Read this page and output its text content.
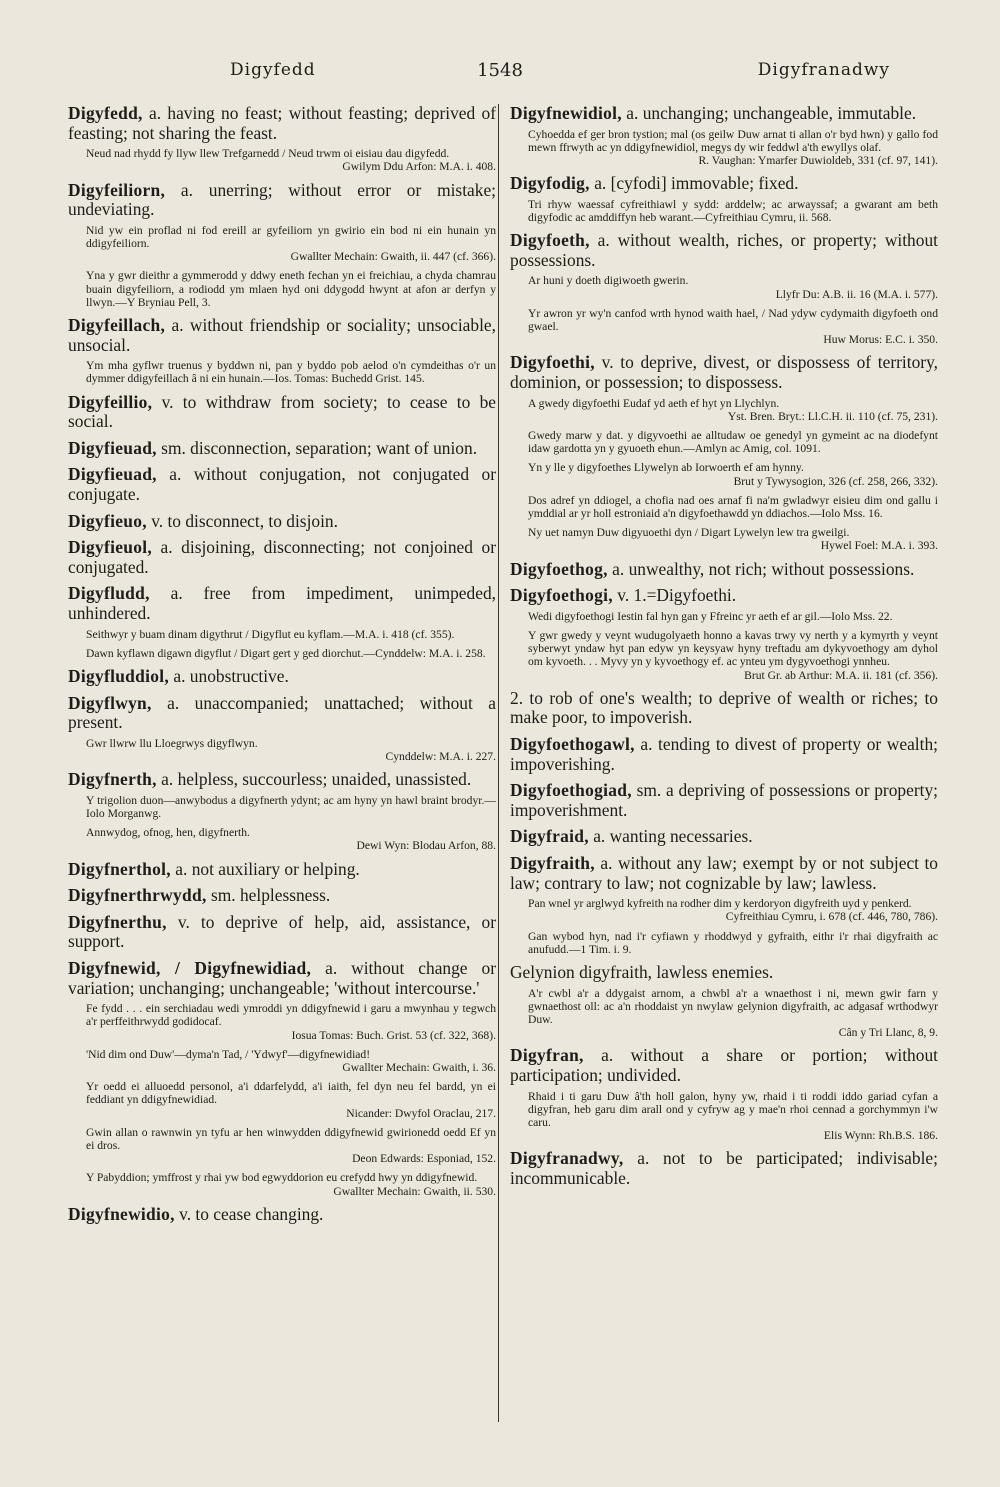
Digyfedd	1548	Digyfranadwy
Digyfedd, a. having no feast; without feasting; deprived of feasting; not sharing the feast.
Neud nad rhydd fy llyw llew Trefgarnedd / Neud trwm oi eisiau dau digyfedd.
Gwilym Ddu Arfon: M.A. i. 408.
Digyfeiliorn, a. unerring; without error or mistake; undeviating.
Nid yw ein proflad ni fod ereill ar gyfeiliorn yn gwirio ein bod ni ein hunain yn ddigyfeiliorn.
Gwallter Mechain: Gwaith, ii. 447 (cf. 366).
Yna y gwr dieithr a gymmerodd y ddwy eneth fechan yn ei freichiau, a chyda chamrau buain digyfeiliorn, a rodiodd ym mlaen hyd oni ddygodd hwynt at afon ar derfyn y llwyn.—Y Bryniau Pell, 3.
Digyfeillach, a. without friendship or sociality; unsociable, unsocial.
Ym mha gyflwr truenus y byddwn ni, pan y byddo pob aelod o'n cymdeithas o'r un dymmer ddigyfeillach â ni ein hunain.—Ios. Tomas: Buchedd Grist. 145.
Digyfeillio, v. to withdraw from society; to cease to be social.
Digyfieuad, sm. disconnection, separation; want of union.
Digyfieuad, a. without conjugation, not conjugated or conjugate.
Digyfieuo, v. to disconnect, to disjoin.
Digyfieuol, a. disjoining, disconnecting; not conjoined or conjugated.
Digyfludd, a. free from impediment, unimpeded, unhindered.
Seithwyr y buam dinam digythrut / Digyflut eu kyflam.—M.A. i. 418 (cf. 355).
Dawn kyflawn digawn digyflut / Digart gert y ged diorchut.—Cynddelw: M.A. i. 258.
Digyfluddiol, a. unobstructive.
Digyflwyn, a. unaccompanied; unattached; without a present.
Gwr llwrw llu Lloegrwys digyflwyn.
Cynddelw: M.A. i. 227.
Digyfnerth, a. helpless, succourless; unaided, unassisted.
Y trigolion duon—anwybodus a digyfnerth ydynt; ac am hyny yn hawl braint brodyr.—Iolo Morganwg.
Annwydog, ofnog, hen, digyfnerth.
Dewi Wyn: Blodau Arfon, 88.
Digyfnerthol, a. not auxiliary or helping.
Digyfnerthrwydd, sm. helplessness.
Digyfnerthu, v. to deprive of help, aid, assistance, or support.
Digyfnewid, / Digyfnewidiad, a. without change or variation; unchanging; unchangeable; 'without intercourse.'
Fe fydd . . . ein serchiadau wedi ymroddi yn ddigyfnewid i garu a mwynhau y tegwch a'r perffeithrwydd godidocaf.
Iosua Tomas: Buch. Grist. 53 (cf. 322, 368).
'Nid dim ond Duw'—dyma'n Tad, / 'Ydwyf'—digyfnewidiad!
Gwallter Mechain: Gwaith, i. 36.
Yr oedd ei alluoedd personol, a'i ddarfelydd, a'i iaith, fel dyn neu fel bardd, yn ei feddiant yn ddigyfnewidiad.
Nicander: Dwyfol Oraclau, 217.
Gwin allan o rawnwin yn tyfu ar hen winwydden ddigyfnewid gwirionedd oedd Ef yn ei dros.
Deon Edwards: Esponiad, 152.
Y Pabyddion; ymffrost y rhai yw bod egwyddorion eu crefydd hwy yn ddigyfnewid.
Gwallter Mechain: Gwaith, ii. 530.
Digyfnewidio, v. to cease changing.
Digyfnewidiol, a. unchanging; unchangeable, immutable.
Cyhoedda ef ger bron tystion; mal (os geilw Duw arnat ti allan o'r byd hwn) y gallo fod mewn ffrwyth ac yn ddigyfnewidiol, megys dy wir feddwl a'th ewyllys olaf.
R. Vaughan: Ymarfer Duwioldeb, 331 (cf. 97, 141).
Digyfodig, a. [cyfodi] immovable; fixed.
Tri rhyw waessaf cyfreithiawl y sydd: arddelw; ac arwayssaf; a gwarant am beth digyfodic ac amddiffyn heb warant.—Cyfreithiau Cymru, ii. 568.
Digyfoeth, a. without wealth, riches, or property; without possessions.
Ar huni y doeth digiwoeth gwerin.
Llyfr Du: A.B. ii. 16 (M.A. i. 577).
Yr awron yr wy'n canfod wrth hynod waith hael, / Nad ydyw cydymaith digyfoeth ond gwael.
Huw Morus: E.C. i. 350.
Digyfoethi, v. to deprive, divest, or dispossess of territory, dominion, or possession; to dispossess.
A gwedy digyfoethi Eudaf yd aeth ef hyt yn Llychlyn.
Yst. Bren. Bryt.: Ll.C.H. ii. 110 (cf. 75, 231).
Gwedy marw y dat. y digyvoethi ae alltudaw oe genedyl yn gymeint ac na diodefynt idaw gardotta yn y gyuoeth ehun.—Amlyn ac Amig, col. 1091.
Yn y lle y digyfoethes Llywelyn ab Iorwoerth ef am hynny.
Brut y Tywysogion, 326 (cf. 258, 266, 332).
Dos adref yn ddiogel, a chofia nad oes arnaf fi na'm gwladwyr eisieu dim ond gallu i ymddial ar yr holl estroniaid a'n digyfoethawdd yn ddiachos.—Iolo Mss. 16.
Ny uet namyn Duw digyuoethi dyn / Digart Lywelyn lew tra gweilgi.
Hywel Foel: M.A. i. 393.
Digyfoethog, a. unwealthy, not rich; without possessions.
Digyfoethogi, v. 1.=Digyfoethi.
Wedi digyfoethogi Iestin fal hyn gan y Ffreinc yr aeth ef ar gil.—Iolo Mss. 22.
Y gwr gwedy y veynt wudugolyaeth honno a kavas trwy vy nerth y a kymyrth y veynt syberwyt yndaw hyt pan edyw yn keysyaw hyny treftadu am dykyvoethogy am dyhol om kyvoeth. . . Myvy yn y kyvoethogy ef. ac ynteu ym dygyvoethogi ynnheu.
Brut Gr. ab Arthur: M.A. ii. 181 (cf. 356).
2. to rob of one's wealth; to deprive of wealth or riches; to make poor, to impoverish.
Digyfoethogawl, a. tending to divest of property or wealth; impoverishing.
Digyfoethogiad, sm. a depriving of possessions or property; impoverishment.
Digyfraid, a. wanting necessaries.
Digyfraith, a. without any law; exempt by or not subject to law; contrary to law; not cognizable by law; lawless.
Pan wnel yr arglwyd kyfreith na rodher dim y kerdoryon digyfreith uyd y penkerd.
Cyfreithiau Cymru, i. 678 (cf. 446, 780, 786).
Gan wybod hyn, nad i'r cyfiawn y rhoddwyd y gyfraith, eithr i'r rhai digyfraith ac anufudd.—1 Tim. i. 9.
Gelynion digyfraith, lawless enemies.
A'r cwbl a'r a ddygaist arnom, a chwbl a'r a wnaethost i ni, mewn gwir farn y gwnaethost oll: ac a'n rhoddaist yn nwylaw gelynion digyfraith, ac adgasaf wrthodwyr Duw.
Cân y Tri Llanc, 8, 9.
Digyfran, a. without a share or portion; without participation; undivided.
Rhaid i ti garu Duw â'th holl galon, hyny yw, rhaid i ti roddi iddo gariad cyfan a digyfran, heb garu dim arall ond y cyfryw ag y mae'n rhoi cennad a gorchymmyn i'w caru.
Elis Wynn: Rh.B.S. 186.
Digyfranadwy, a. not to be participated; indivisable; incommunicable.
